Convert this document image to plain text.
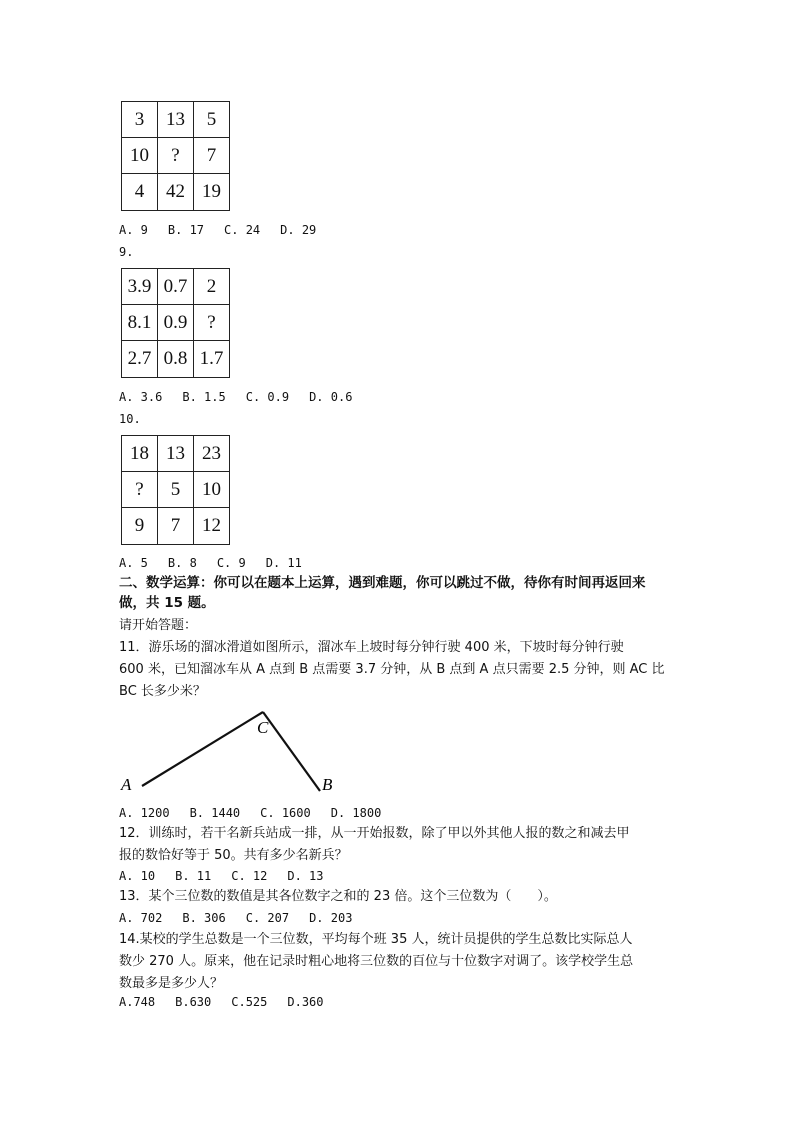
3	13	5
10	?	7
4	42	19
A. 9 B. 17 C. 24 D. 29
9.
3.9	0.7	2
8.1	0.9	?
2.7	0.8	1.7
A. 3.6 B. 1.5 C. 0.9 D. 0.6
10.
18	13	23
?	5	10
9	7	12
A. 5 B. 8 C. 9 D. 11
二、数学运算：你可以在题本上运算，遇到难题，你可以跳过不做，待你有时间再返回来
做，共 15 题。
请开始答题：
11．游乐场的溜冰滑道如图所示，溜冰车上坡时每分钟行驶 400 米，下坡时每分钟行驶
600 米，已知溜冰车从 A 点到 B 点需要 3.7 分钟，从 B 点到 A 点只需要 2.5 分钟，则 AC 比
BC 长多少米？
A
C
B
A. 1200 B. 1440 C. 1600 D. 1800
12．训练时，若干名新兵站成一排，从一开始报数，除了甲以外其他人报的数之和减去甲
报的数恰好等于 50。共有多少名新兵？
A. 10 B. 11 C. 12 D. 13
13．某个三位数的数值是其各位数字之和的 23 倍。这个三位数为（　　）。
A. 702 B. 306 C. 207 D. 203
14.某校的学生总数是一个三位数，平均每个班 35 人，统计员提供的学生总数比实际总人
数少 270 人。原来，他在记录时粗心地将三位数的百位与十位数字对调了。该学校学生总
数最多是多少人？
A.748 B.630 C.525 D.360
